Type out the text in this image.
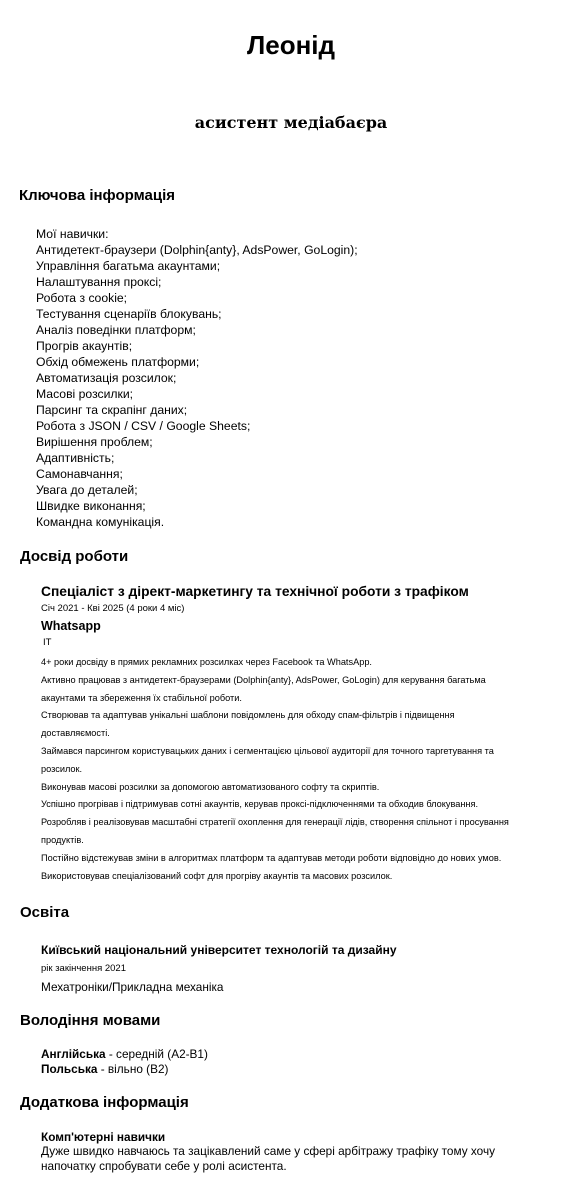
Леонід
асистент медіабаєра
Ключова інформація
Мої навички:
Антидетект-браузери (Dolphin{anty}, AdsPower, GoLogin);
Управління багатьма акаунтами;
Налаштування проксі;
Робота з cookie;
Тестування сценаріїв блокувань;
Аналіз поведінки платформ;
Прогрів акаунтів;
Обхід обмежень платформи;
Автоматизація розсилок;
Масові розсилки;
Парсинг та скрапінг даних;
Робота з JSON / CSV / Google Sheets;
Вирішення проблем;
Адаптивність;
Самонавчання;
Увага до деталей;
Швидке виконання;
Командна комунікація.
Досвід роботи
Спеціаліст з дірект-маркетингу та технічної роботи з трафіком
Січ 2021 - Кві 2025 (4 роки 4 міс)
Whatsapp
IT
4+ роки досвіду в прямих рекламних розсилках через Facebook та WhatsApp.
Активно працював з антидетект-браузерами (Dolphin{anty}, AdsPower, GoLogin) для керування багатьма
акаунтами та збереження їх стабільної роботи.
Створював та адаптував унікальні шаблони повідомлень для обходу спам-фільтрів і підвищення
доставляємості.
Займався парсингом користувацьких даних і сегментацією цільової аудиторії для точного таргетування та
розсилок.
Виконував масові розсилки за допомогою автоматизованого софту та скриптів.
Успішно прогрівав і підтримував сотні акаунтів, керував проксі-підключеннями та обходив блокування.
Розробляв і реалізовував масштабні стратегії охоплення для генерації лідів, створення спільнот і просування
продуктів.
Постійно відстежував зміни в алгоритмах платформ та адаптував методи роботи відповідно до нових умов.
Використовував спеціалізований софт для прогріву акаунтів та масових розсилок.
Освіта
Київський національний університет технологій та дизайну
рік закінчення 2021
Мехатроніки/Прикладна механіка
Володіння мовами
Англійська - середній (A2-B1)
Польська - вільно (B2)
Додаткова інформація
Комп'ютерні навички
Дуже швидко навчаюсь та зацікавлений саме у сфері арбітражу трафіку тому хочу напочатку спробувати себе у ролі асистента.
